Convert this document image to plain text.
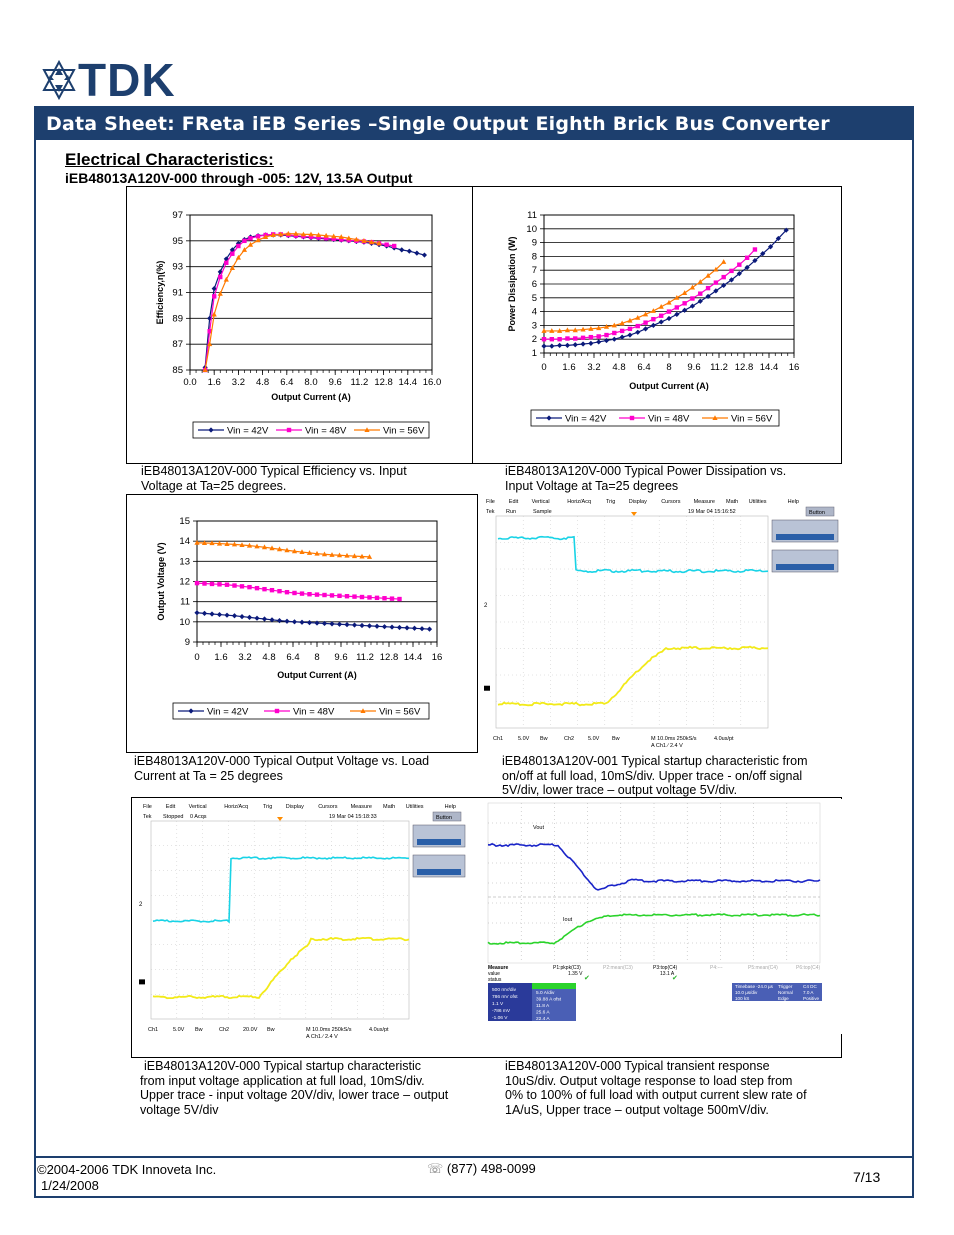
TDK
Data Sheet: FReta iEB Series –Single Output Eighth Brick Bus Converter
Electrical Characteristics:
iEB48013A120V-000 through -005: 12V, 13.5A Output
85
87
89
91
93
95
97
0.0 1.6 3.2 4.8 6.4 8.0 9.6 11.2 12.8 14.4 16.0
Output Current (A)
Efficiency,η(%)
Vin = 42V	Vin = 48V	Vin = 56V
1
2
3
4
5
6
7
8
9
10
11
0 1.6 3.2 4.8 6.4 8 9.6 11.2 12.8 14.4 16
Output Current (A)
Power Dissipation (W)
Vin = 42V	Vin = 48V	Vin = 56V
iEB48013A120V-000 Typical Efficiency vs. Input
Voltage at Ta=25 degrees.
iEB48013A120V-000 Typical Power Dissipation vs.
Input Voltage at Ta=25 degrees
9
10
11
12
13
14
15
0 1.6 3.2 4.8 6.4 8 9.6 11.2 12.8 14.4 16
Output Current (A)
Output Voltage (V)
Vin = 42V	Vin = 48V	Vin = 56V
File	Edit Vertical	Horiz/Acq	Trig Display	Cursors Measure Math Utilities	Help
Tek Run	Sample	19 Mar 04 15:16:52	Button
Ch1	5.0V Bw	Ch2	5.0V Bw	M 10.0ms 250kS/s	4.0us/pt
A Ch1 ∕ 2.4 V
2
iEB48013A120V-000 Typical Output Voltage vs. Load
Current at Ta = 25 degrees
iEB48013A120V-001 Typical startup characteristic from
on/off at full load, 10mS/div. Upper trace - on/off signal
5V/div, lower trace – output voltage 5V/div.
File	Edit Vertical	Horiz/Acq	Trig Display	Cursors Measure Math Utilities	Help
Tek Stopped 0 Acqs	19 Mar 04 15:18:33	Button
Ch1	5.0V Bw	Ch2	20.0V Bw	M 10.0ms 250kS/s	4.0us/pt
A Ch1 ∕ 2.4 V
2
Vout
Iout
Measure
value
status
P1:pkpk(C3)
1.35 V
P2:mean(C3)	P3:top(C4)
13.1 A
P4:---	P5:mean(C4)	P6:top(C4)
✔	✔
500 mV/div
786 mV ofst
1.1 V
-786 mV
-1.06 V
5.0 A/div
39.88 A ofst
11.8 A
25.6 A
22.4 A
Timebase -24.0 µs
10.0 µs/div
100 kS
Trigger
Normal
Edge
C4 DC
7.0 A
Positive
iEB48013A120V-000 Typical startup characteristic
from input voltage application at full load, 10mS/div.
Upper trace - input voltage 20V/div, lower trace – output
voltage 5V/div
iEB48013A120V-000 Typical transient response
10uS/div. Output voltage response to load step from
0% to 100% of full load with output current slew rate of
1A/uS, Upper trace – output voltage 500mV/div.
©2004-2006 TDK Innoveta Inc.
1/24/2008
☏ (877) 498-0099
7/13
